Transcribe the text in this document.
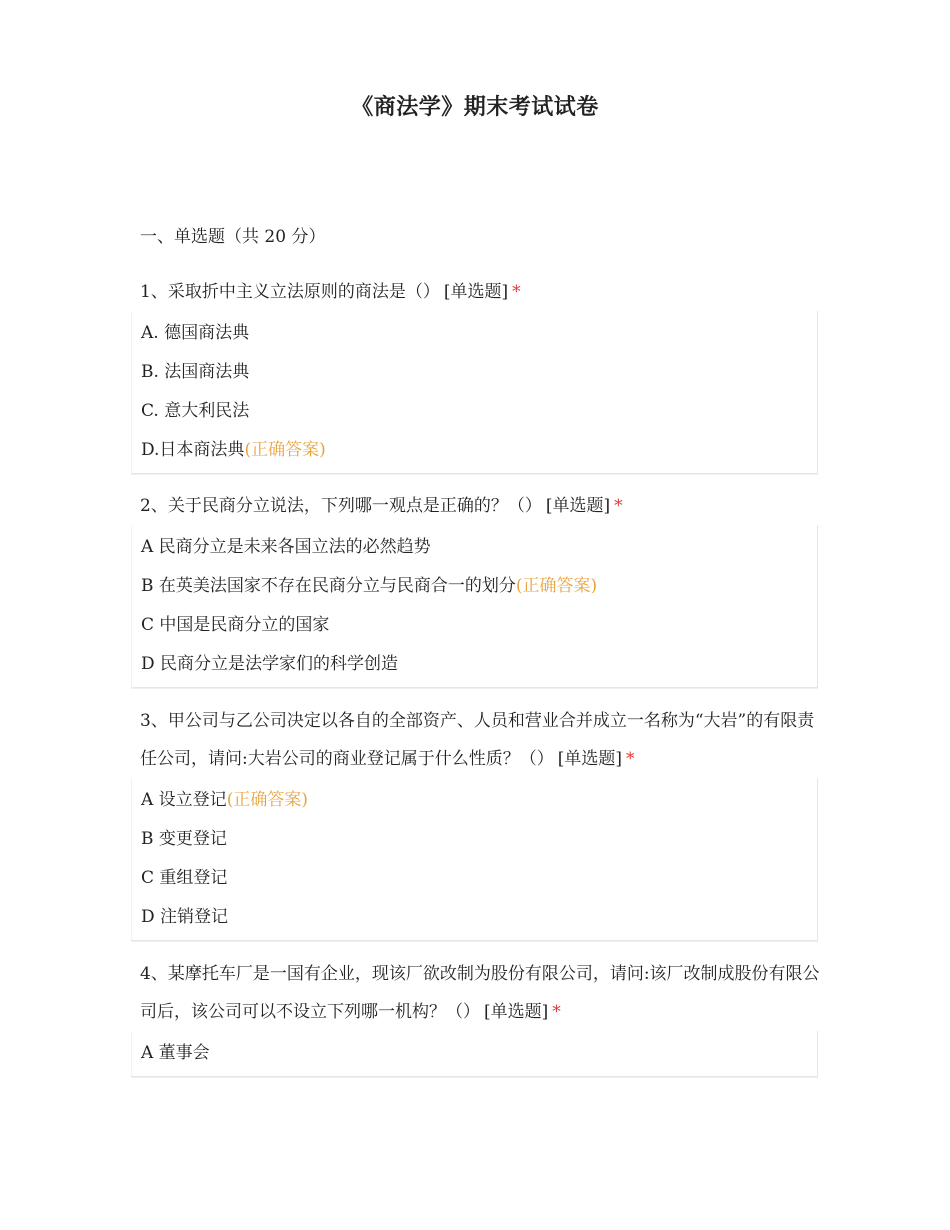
《商法学》期末考试试卷

一、单选题（共 20 分）

1、采取折中主义立法原则的商法是（） [单选题] *

A. 德国商法典

B. 法国商法典

C. 意大利民法

D.日本商法典(正确答案)

2、关于民商分立说法，下列哪一观点是正确的？（） [单选题] *

A 民商分立是未来各国立法的必然趋势

B 在英美法国家不存在民商分立与民商合一的划分(正确答案)

C 中国是民商分立的国家

D 民商分立是法学家们的科学创造

3、甲公司与乙公司决定以各自的全部资产、人员和营业合并成立一名称为“大岩”的有限责任公司，请问:大岩公司的商业登记属于什么性质？（） [单选题] *

A 设立登记(正确答案)

B 变更登记

C 重组登记

D 注销登记

4、某摩托车厂是一国有企业，现该厂欲改制为股份有限公司，请问:该厂改制成股份有限公司后，该公司可以不设立下列哪一机构？（） [单选题] *

A 董事会
